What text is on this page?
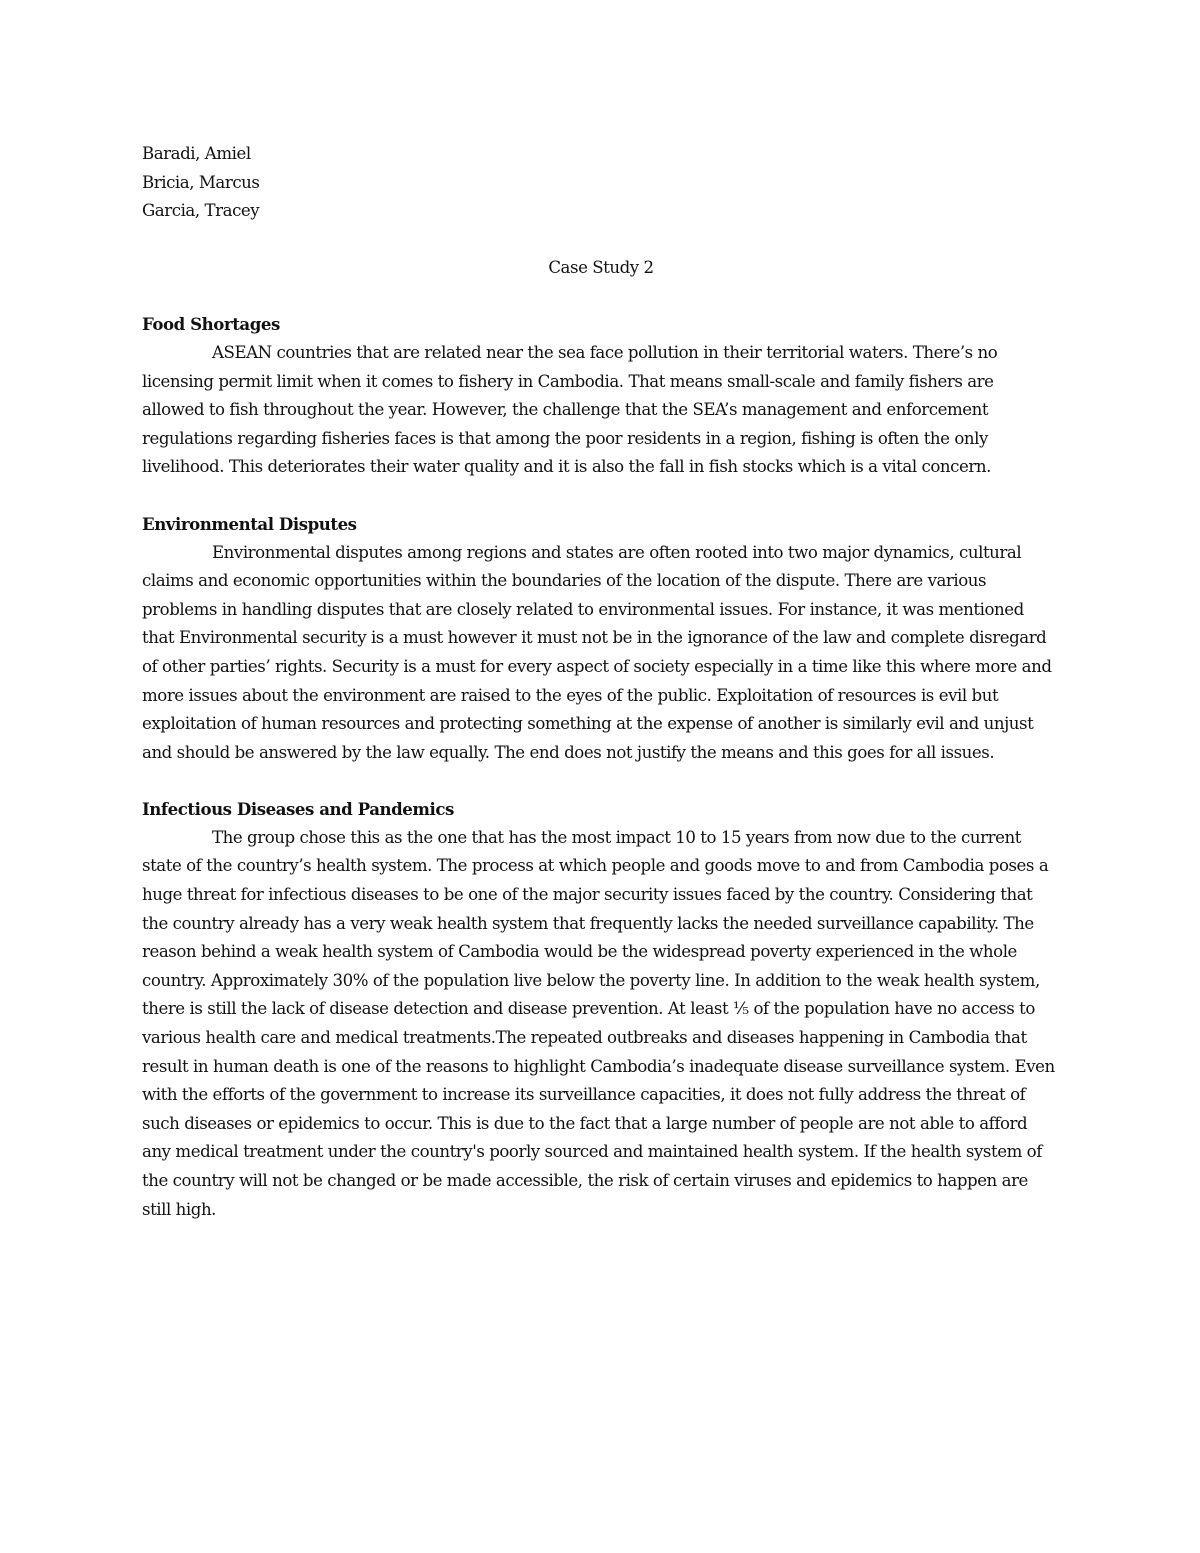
Baradi, Amiel
Bricia, Marcus
Garcia, Tracey
Case Study 2
Food Shortages

ASEAN countries that are related near the sea face pollution in their territorial waters. There’s no licensing permit limit when it comes to fishery in Cambodia. That means small-scale and family fishers are allowed to fish throughout the year. However, the challenge that the SEA’s management and enforcement regulations regarding fisheries faces is that among the poor residents in a region, fishing is often the only livelihood. This deteriorates their water quality and it is also the fall in fish stocks which is a vital concern.

Environmental Disputes

Environmental disputes among regions and states are often rooted into two major dynamics, cultural claims and economic opportunities within the boundaries of the location of the dispute. There are various problems in handling disputes that are closely related to environmental issues. For instance, it was mentioned that Environmental security is a must however it must not be in the ignorance of the law and complete disregard of other parties’ rights. Security is a must for every aspect of society especially in a time like this where more and more issues about the environment are raised to the eyes of the public. Exploitation of resources is evil but exploitation of human resources and protecting something at the expense of another is similarly evil and unjust and should be answered by the law equally. The end does not justify the means and this goes for all issues.

Infectious Diseases and Pandemics

The group chose this as the one that has the most impact 10 to 15 years from now due to the current state of the country’s health system. The process at which people and goods move to and from Cambodia poses a huge threat for infectious diseases to be one of the major security issues faced by the country. Considering that the country already has a very weak health system that frequently lacks the needed surveillance capability. The reason behind a weak health system of Cambodia would be the widespread poverty experienced in the whole country. Approximately 30% of the population live below the poverty line. In addition to the weak health system, there is still the lack of disease detection and disease prevention. At least ⅕ of the population have no access to various health care and medical treatments.The repeated outbreaks and diseases happening in Cambodia that result in human death is one of the reasons to highlight Cambodia’s inadequate disease surveillance system. Even with the efforts of the government to increase its surveillance capacities, it does not fully address the threat of such diseases or epidemics to occur. This is due to the fact that a large number of people are not able to afford any medical treatment under the country's poorly sourced and maintained health system. If the health system of the country will not be changed or be made accessible, the risk of certain viruses and epidemics to happen are still high.
